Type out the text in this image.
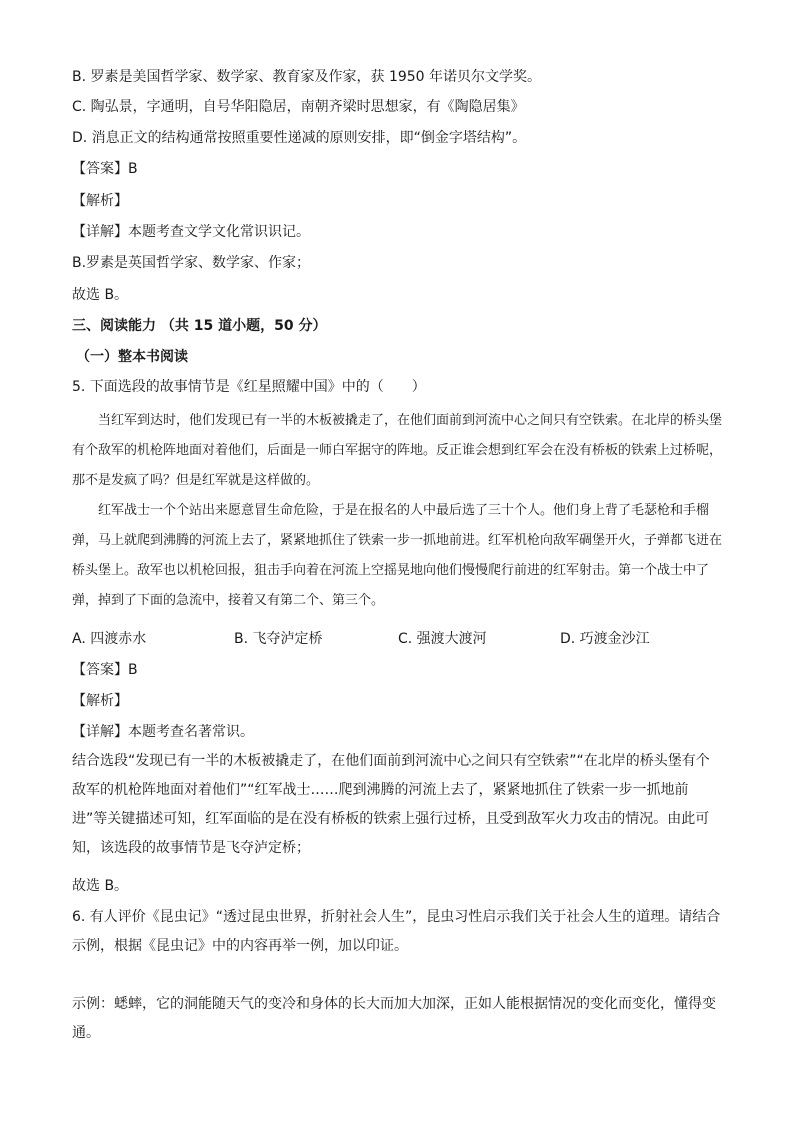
B. 罗素是美国哲学家、数学家、教育家及作家，获 1950 年诺贝尔文学奖。
C. 陶弘景，字通明，自号华阳隐居，南朝齐梁时思想家，有《陶隐居集》
D. 消息正文的结构通常按照重要性递减的原则安排，即“倒金字塔结构”。
【答案】B
【解析】
【详解】本题考查文学文化常识识记。
B.罗素是英国哲学家、数学家、作家；
故选 B。
三、阅读能力 （共 15 道小题，50 分）
（一）整本书阅读
5. 下面选段的故事情节是《红星照耀中国》中的（　　）

当红军到达时，他们发现已有一半的木板被撬走了，在他们面前到河流中心之间只有空铁索。在北岸的桥头堡有个敌军的机枪阵地面对着他们，后面是一师白军据守的阵地。反正谁会想到红军会在没有桥板的铁索上过桥呢，那不是发疯了吗？但是红军就是这样做的。

红军战士一个个站出来愿意冒生命危险，于是在报名的人中最后选了三十个人。他们身上背了毛瑟枪和手榴弹，马上就爬到沸腾的河流上去了，紧紧地抓住了铁索一步一抓地前进。红军机枪向敌军碉堡开火，子弹都飞迸在桥头堡上。敌军也以机枪回报，狙击手向着在河流上空摇晃地向他们慢慢爬行前进的红军射击。第一个战士中了弹，掉到了下面的急流中，接着又有第二个、第三个。

A. 四渡赤水	B. 飞夺泸定桥	C. 强渡大渡河	D. 巧渡金沙江
【答案】B
【解析】
【详解】本题考查名著常识。
结合选段“发现已有一半的木板被撬走了，在他们面前到河流中心之间只有空铁索”“在北岸的桥头堡有个敌军的机枪阵地面对着他们”“红军战士……爬到沸腾的河流上去了，紧紧地抓住了铁索一步一抓地前进”等关键描述可知，红军面临的是在没有桥板的铁索上强行过桥，且受到敌军火力攻击的情况。由此可知，该选段的故事情节是飞夺泸定桥；
故选 B。
6. 有人评价《昆虫记》“透过昆虫世界，折射社会人生”，昆虫习性启示我们关于社会人生的道理。请结合示例，根据《昆虫记》中的内容再举一例，加以印证。
示例：蟋蟀，它的洞能随天气的变冷和身体的长大而加大加深，正如人能根据情况的变化而变化，懂得变通。
